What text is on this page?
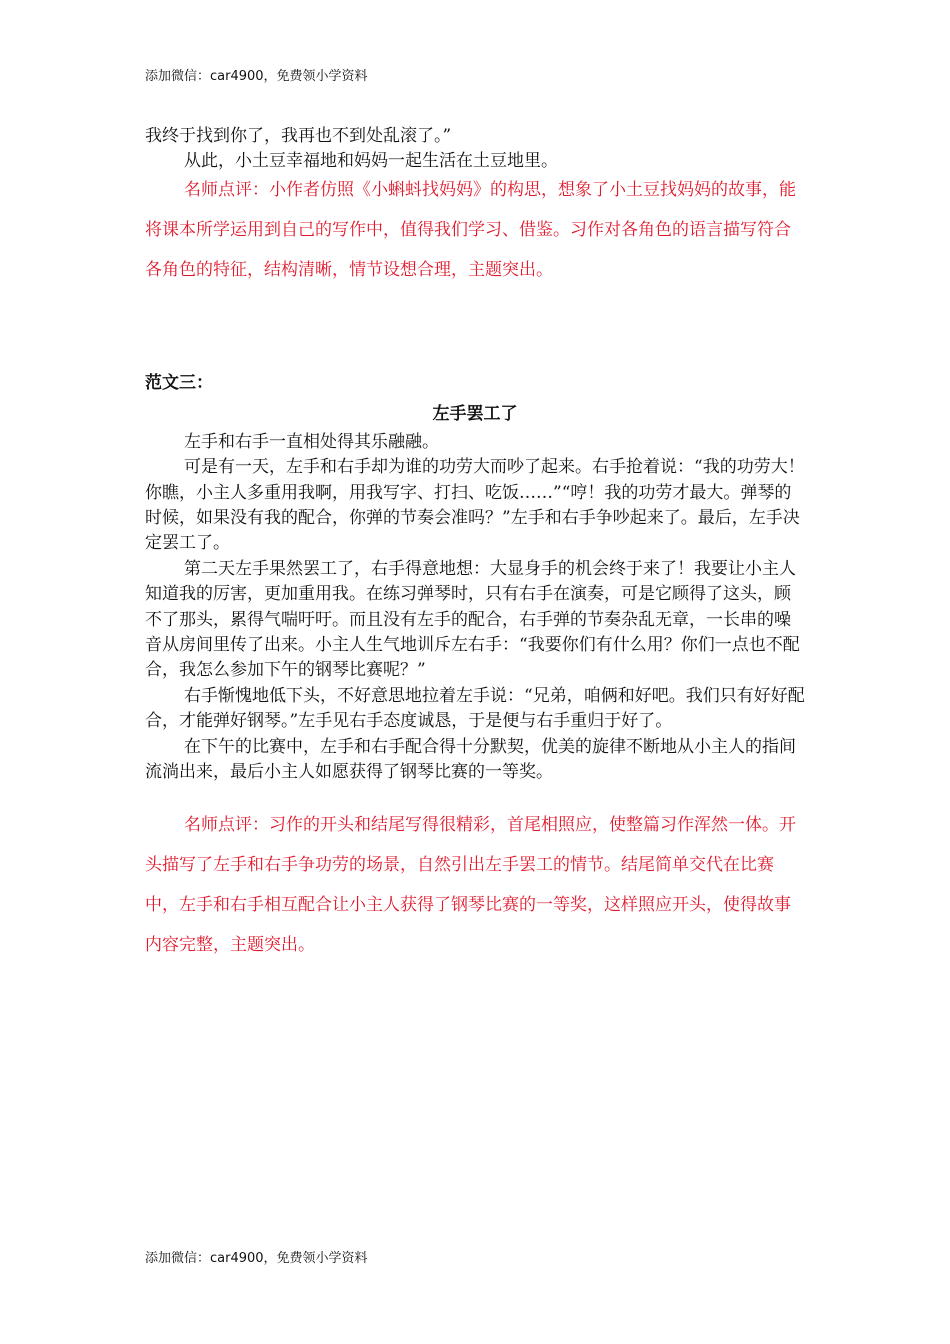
添加微信：car4900，免费领小学资料

我终于找到你了，我再也不到处乱滚了。”

从此，小土豆幸福地和妈妈一起生活在土豆地里。

名师点评：小作者仿照《小蝌蚪找妈妈》的构思，想象了小土豆找妈妈的故事，能将课本所学运用到自己的写作中，值得我们学习、借鉴。习作对各角色的语言描写符合各角色的特征，结构清晰，情节设想合理，主题突出。

范文三：

左手罢工了

左手和右手一直相处得其乐融融。

可是有一天，左手和右手却为谁的功劳大而吵了起来。右手抢着说：“我的功劳大！你瞧，小主人多重用我啊，用我写字、打扫、吃饭……”“哼！我的功劳才最大。弹琴的时候，如果没有我的配合，你弹的节奏会准吗？”左手和右手争吵起来了。最后，左手决定罢工了。

第二天左手果然罢工了，右手得意地想：大显身手的机会终于来了！我要让小主人知道我的厉害，更加重用我。在练习弹琴时，只有右手在演奏，可是它顾得了这头，顾不了那头，累得气喘吁吁。而且没有左手的配合，右手弹的节奏杂乱无章，一长串的噪音从房间里传了出来。小主人生气地训斥左右手：“我要你们有什么用？你们一点也不配合，我怎么参加下午的钢琴比赛呢？”

右手惭愧地低下头，不好意思地拉着左手说：“兄弟，咱俩和好吧。我们只有好好配合，才能弹好钢琴。”左手见右手态度诚恳，于是便与右手重归于好了。

在下午的比赛中，左手和右手配合得十分默契，优美的旋律不断地从小主人的指间流淌出来，最后小主人如愿获得了钢琴比赛的一等奖。

名师点评：习作的开头和结尾写得很精彩，首尾相照应，使整篇习作浑然一体。开头描写了左手和右手争功劳的场景，自然引出左手罢工的情节。结尾简单交代在比赛中，左手和右手相互配合让小主人获得了钢琴比赛的一等奖，这样照应开头，使得故事内容完整，主题突出。

添加微信：car4900，免费领小学资料
